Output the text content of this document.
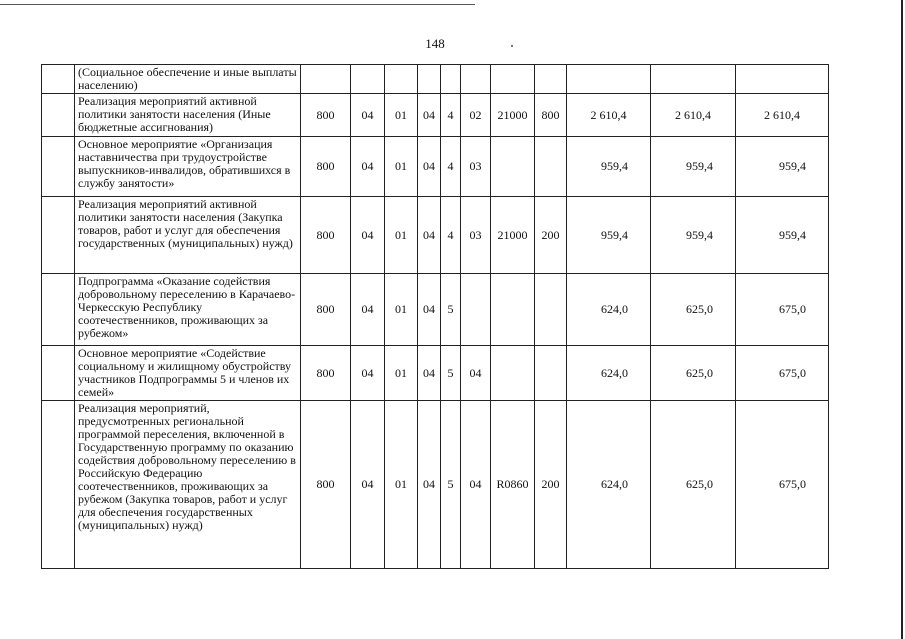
148
	(Социальное обеспечение и иные выплаты населению)											
	Реализация мероприятий активной политики занятости населения (Иные бюджетные ассигнования)	800	04	01	04	4	02	21000	800	2 610,4	2 610,4	2 610,4
	Основное мероприятие «Организация наставничества при трудоустройстве выпускников-инвалидов, обратившихся в службу занятости»	800	04	01	04	4	03			959,4	959,4	959,4
	Реализация мероприятий активной политики занятости населения (Закупка товаров, работ и услуг для обеспечения государственных (муниципальных) нужд)	800	04	01	04	4	03	21000	200	959,4	959,4	959,4
	Подпрограмма «Оказание содействия добровольному переселению в Карачаево-Черкесскую Республику соотечественников, проживающих за рубежом»	800	04	01	04	5				624,0	625,0	675,0
	Основное мероприятие «Содействие социальному и жилищному обустройству участников Подпрограммы 5 и членов их семей»	800	04	01	04	5	04			624,0	625,0	675,0
	Реализация мероприятий, предусмотренных региональной программой переселения, включенной в Государственную программу по оказанию содействия добровольному переселению в Российскую Федерацию соотечественников, проживающих за рубежом (Закупка товаров, работ и услуг для обеспечения государственных (муниципальных) нужд)	800	04	01	04	5	04	R0860	200	624,0	625,0	675,0
